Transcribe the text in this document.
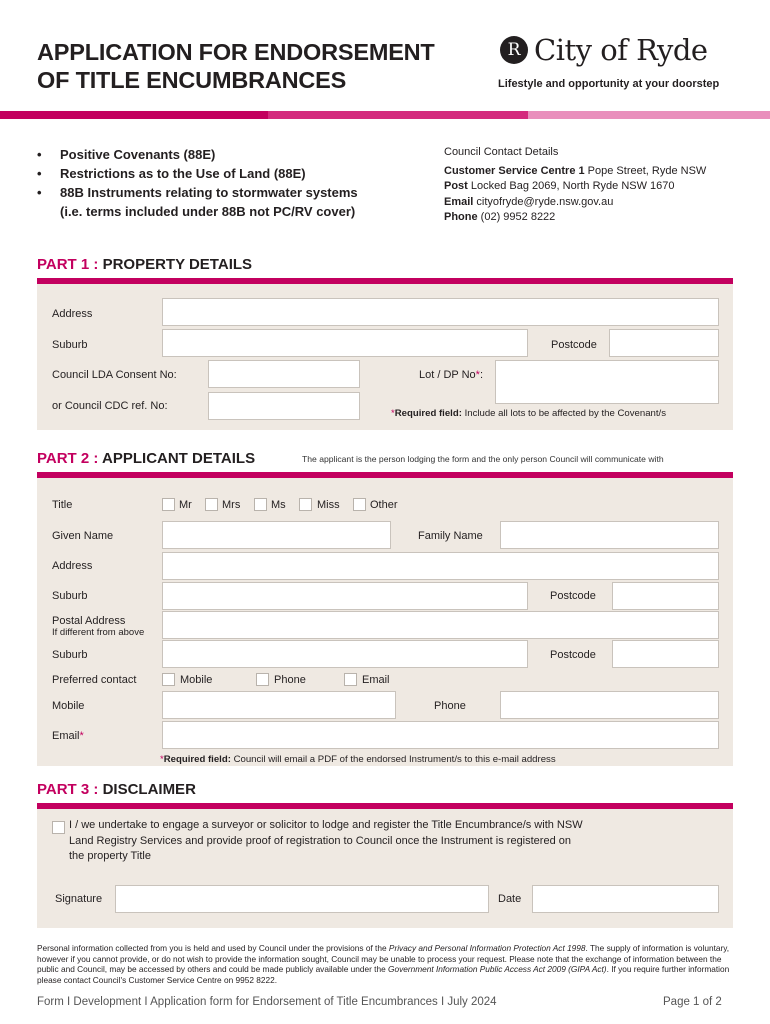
APPLICATION FOR ENDORSEMENT
OF TITLE ENCUMBRANCES
R City of Ryde
Lifestyle and opportunity at your doorstep
• Positive Covenants (88E)
• Restrictions as to the Use of Land (88E)
• 88B Instruments relating to stormwater systems
(i.e. terms included under 88B not PC/RV cover)
Council Contact Details
Customer Service Centre 1 Pope Street, Ryde NSW
Post Locked Bag 2069, North Ryde NSW 1670
Email cityofryde@ryde.nsw.gov.au
Phone (02) 9952 8222
PART 1 : PROPERTY DETAILS
Address
Suburb	Postcode
Council LDA Consent No:	Lot / DP No*:
or Council CDC ref. No:
*Required field: Include all lots to be affected by the Covenant/s
PART 2 : APPLICANT DETAILS	The applicant is the person lodging the form and the only person Council will communicate with
Title	Mr	Mrs	Ms	Miss	Other
Given Name	Family Name
Address
Suburb	Postcode
Postal Address
If different from above
Suburb	Postcode
Preferred contact	Mobile	Phone	Email
Mobile	Phone
Email*
*Required field: Council will email a PDF of the endorsed Instrument/s to this e-mail address
PART 3 : DISCLAIMER
I / we undertake to engage a surveyor or solicitor to lodge and register the Title Encumbrance/s with NSW
Land Registry Services and provide proof of registration to Council once the Instrument is registered on
the property Title
Signature	Date
Personal information collected from you is held and used by Council under the provisions of the Privacy and Personal Information Protection Act 1998. The supply of information is voluntary, however if you cannot provide, or do not wish to provide the information sought, Council may be unable to process your request. Please note that the exchange of information between the public and Council, may be accessed by others and could be made publicly available under the Government Information Public Access Act 2009 (GIPA Act). If you require further information please contact Council's Customer Service Centre on 9952 8222.
Form I Development I Application form for Endorsement of Title Encumbrances I July 2024	Page 1 of 2
